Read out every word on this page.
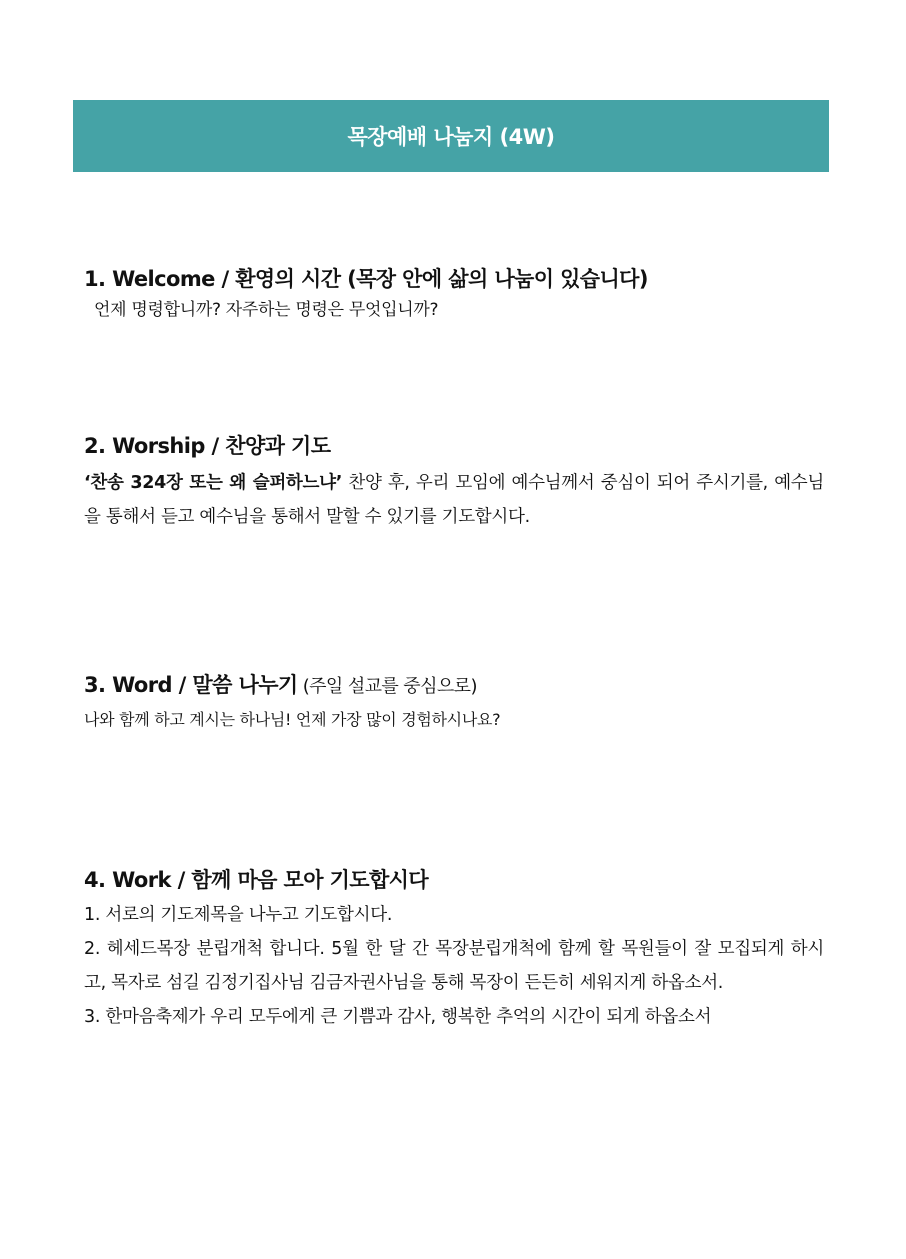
목장예배 나눔지 (4W)
1. Welcome / 환영의 시간 (목장 안에 삶의 나눔이 있습니다)
언제 명령합니까? 자주하는 명령은 무엇입니까?
2. Worship / 찬양과 기도
‘찬송 324장 또는 왜 슬퍼하느냐’ 찬양 후, 우리 모임에 예수님께서 중심이 되어 주시기를, 예수님을 통해서 듣고 예수님을 통해서 말할 수 있기를 기도합시다.
3. Word / 말씀 나누기 (주일 설교를 중심으로)
나와 함께 하고 계시는 하나님! 언제 가장 많이 경험하시나요?
4. Work / 함께 마음 모아 기도합시다
1. 서로의 기도제목을 나누고 기도합시다.
2. 헤세드목장 분립개척 합니다. 5월 한 달 간 목장분립개척에 함께 할 목원들이 잘 모집되게 하시고, 목자로 섬길 김정기집사님 김금자권사님을 통해 목장이 든든히 세워지게 하옵소서.
3. 한마음축제가 우리 모두에게 큰 기쁨과 감사, 행복한 추억의 시간이 되게 하옵소서
